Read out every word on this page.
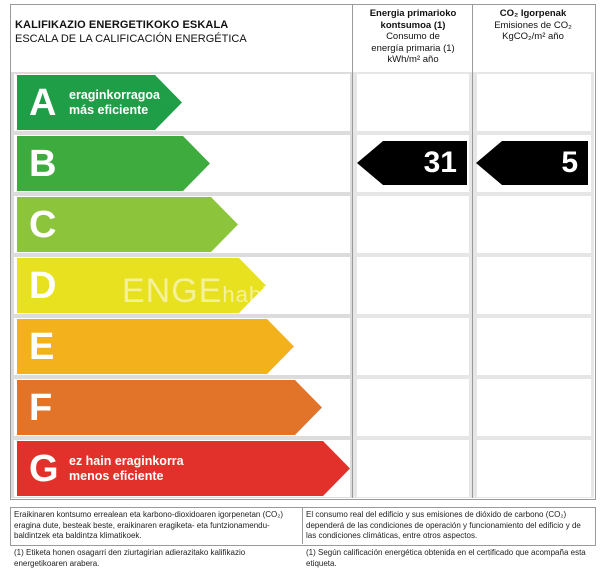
KALIFIKAZIO ENERGETIKOKO ESKALA
ESCALA DE LA CALIFICACIÓN ENERGÉTICA
Energia primarioko
kontsumoa (1)
Consumo de
energía primaria (1)
kWh/m² año
CO₂ Igorpenak
Emisiones de CO₂
KgCO₂/m² año
A eraginkorragoa
más eficiente
B	31	5
C
D
E
F
G ez hain eraginkorra
menos eficiente
ENGEhabitadia
Eraikinaren kontsumo errealean eta karbono-dioxidoaren igorpenetan (CO₂) eragina dute, besteak beste, eraikinaren eragiketa- eta funtzionamendu-baldintzek eta baldintza klimatikoek.
El consumo real del edificio y sus emisiones de dióxido de carbono (CO₂) dependerá de las condiciones de operación y funcionamiento del edificio y de las condiciones climáticas, entre otros aspectos.
(1) Etiketa honen osagarri den ziurtagirian adierazitako kalifikazio energetikoaren arabera.
(1) Según calificación energética obtenida en el certificado que acompaña esta etiqueta.
